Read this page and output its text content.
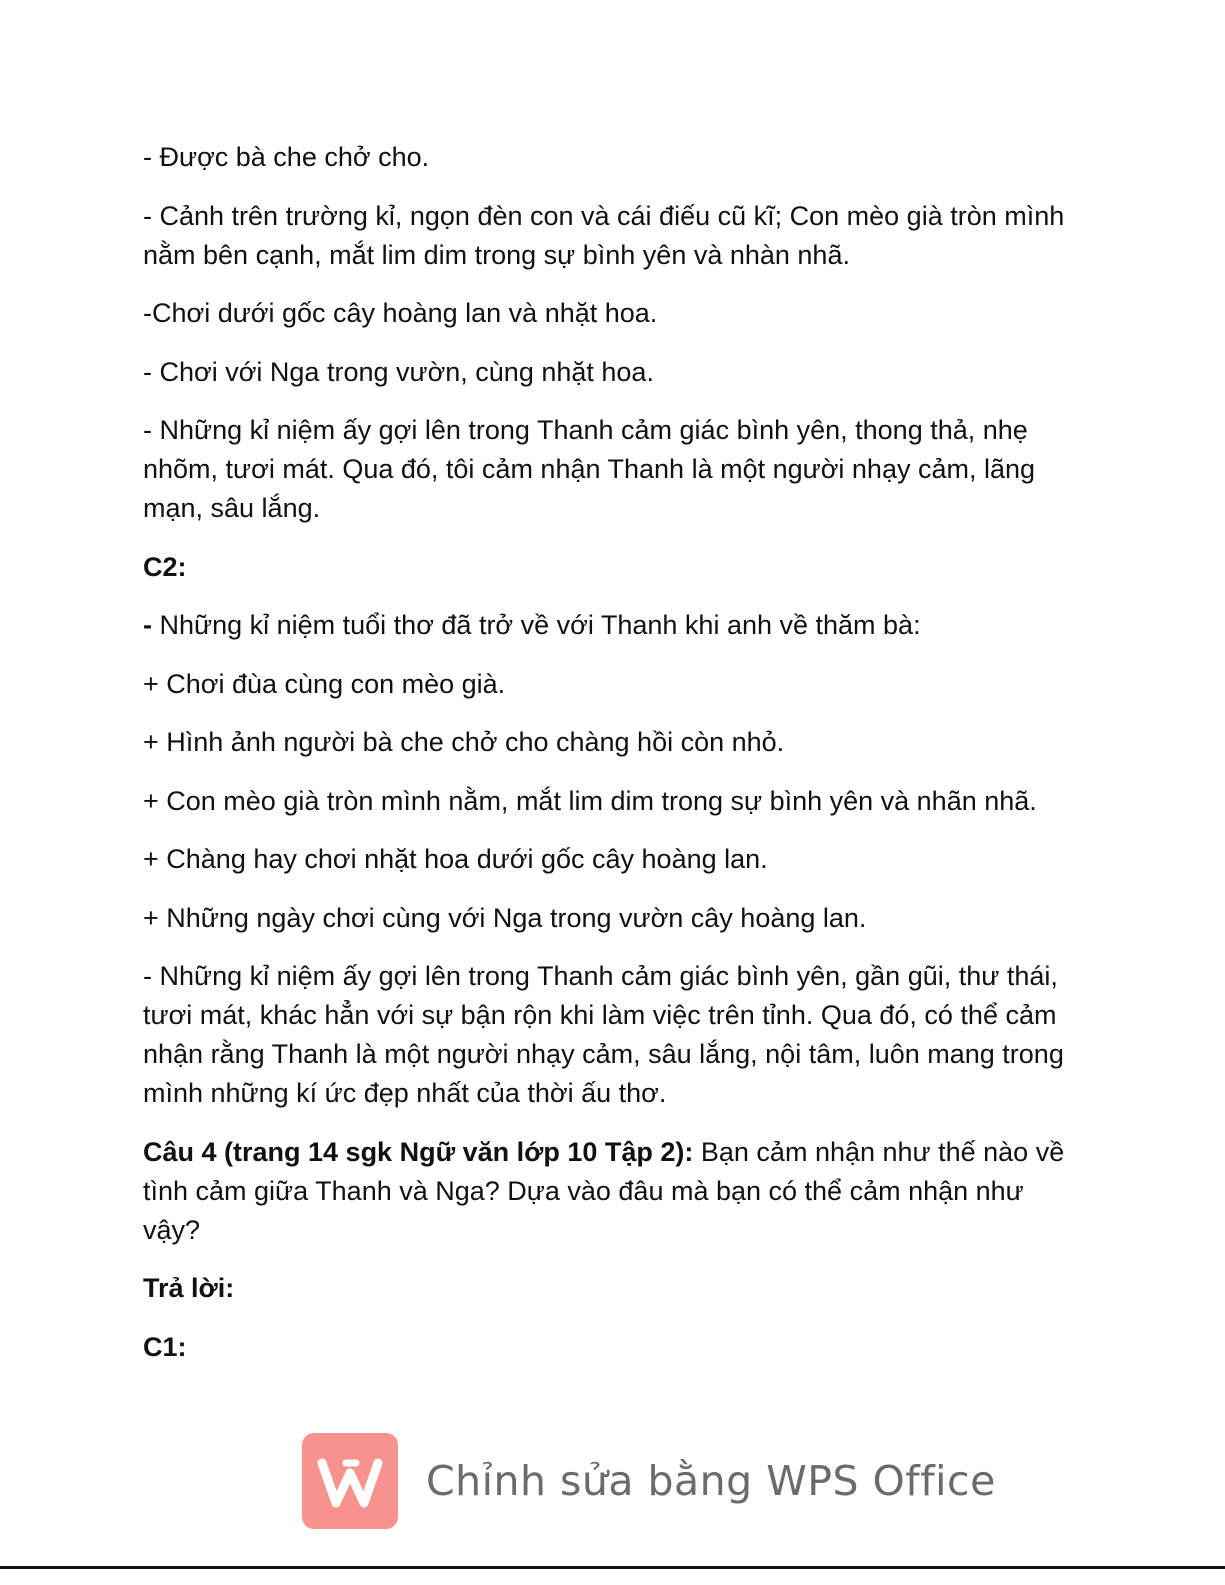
- Được bà che chở cho.

- Cảnh trên trường kỉ, ngọn đèn con và cái điếu cũ kĩ; Con mèo già tròn mình nằm bên cạnh, mắt lim dim trong sự bình yên và nhàn nhã.

-Chơi dưới gốc cây hoàng lan và nhặt hoa.

- Chơi với Nga trong vườn, cùng nhặt hoa.

- Những kỉ niệm ấy gợi lên trong Thanh cảm giác bình yên, thong thả, nhẹ nhõm, tươi mát. Qua đó, tôi cảm nhận Thanh là một người nhạy cảm, lãng mạn, sâu lắng.

C2:

- Những kỉ niệm tuổi thơ đã trở về với Thanh khi anh về thăm bà:

+ Chơi đùa cùng con mèo già.

+ Hình ảnh người bà che chở cho chàng hồi còn nhỏ.

+ Con mèo già tròn mình nằm, mắt lim dim trong sự bình yên và nhãn nhã.

+ Chàng hay chơi nhặt hoa dưới gốc cây hoàng lan.

+ Những ngày chơi cùng với Nga trong vườn cây hoàng lan.

- Những kỉ niệm ấy gợi lên trong Thanh cảm giác bình yên, gần gũi, thư thái, tươi mát, khác hẳn với sự bận rộn khi làm việc trên tỉnh. Qua đó, có thể cảm nhận rằng Thanh là một người nhạy cảm, sâu lắng, nội tâm, luôn mang trong mình những kí ức đẹp nhất của thời ấu thơ.

Câu 4 (trang 14 sgk Ngữ văn lớp 10 Tập 2): Bạn cảm nhận như thế nào về tình cảm giữa Thanh và Nga? Dựa vào đâu mà bạn có thể cảm nhận như vậy?

Trả lời:

C1:

Chỉnh sửa bằng WPS Office
